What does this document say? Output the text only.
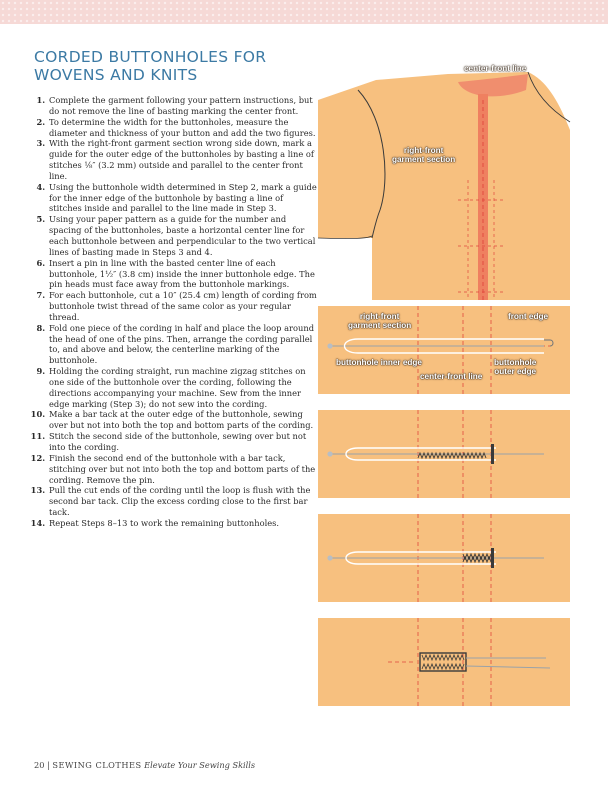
CORDED BUTTONHOLES FOR
WOVENS AND KNITS
1. Complete the garment following your pattern instructions, but do not remove the line of basting marking the center front.
2. To determine the width for the buttonholes, measure the diameter and thickness of your button and add the two figures.
3. With the right-front garment section wrong side down, mark a guide for the outer edge of the buttonholes by basting a line of stitches ⅛″ (3.2 mm) outside and parallel to the center front line.
4. Using the buttonhole width determined in Step 2, mark a guide for the inner edge of the buttonhole by basting a line of stitches inside and parallel to the line made in Step 3.
5. Using your paper pattern as a guide for the number and spacing of the buttonholes, baste a horizontal center line for each buttonhole between and perpendicular to the two vertical lines of basting made in Steps 3 and 4.
6. Insert a pin in line with the basted center line of each buttonhole, 1½″ (3.8 cm) inside the inner buttonhole edge. The pin heads must face away from the buttonhole markings.
7. For each buttonhole, cut a 10″ (25.4 cm) length of cording from buttonhole twist thread of the same color as your regular thread.
8. Fold one piece of the cording in half and place the loop around the head of one of the pins. Then, arrange the cording parallel to, and above and below, the centerline marking of the buttonhole.
9. Holding the cording straight, run machine zigzag stitches on one side of the buttonhole over the cording, following the directions accompanying your machine. Sew from the inner edge marking (Step 3); do not sew into the cording.
10. Make a bar tack at the outer edge of the buttonhole, sewing over but not into both the top and bottom parts of the cording.
11. Stitch the second side of the buttonhole, sewing over but not into the cording.
12. Finish the second end of the buttonhole with a bar tack, stitching over but not into both the top and bottom parts of the cording. Remove the pin.
13. Pull the cut ends of the cording until the loop is flush with the second bar tack. Clip the excess cording close to the first bar tack.
14. Repeat Steps 8–13 to work the remaining buttonholes.
center-front line
right-front
garment section
right-front
garment section
front edge
buttonhole inner edge
center-front line
buttonhole
outer edge
20 | SEWING CLOTHES Elevate Your Sewing Skills
